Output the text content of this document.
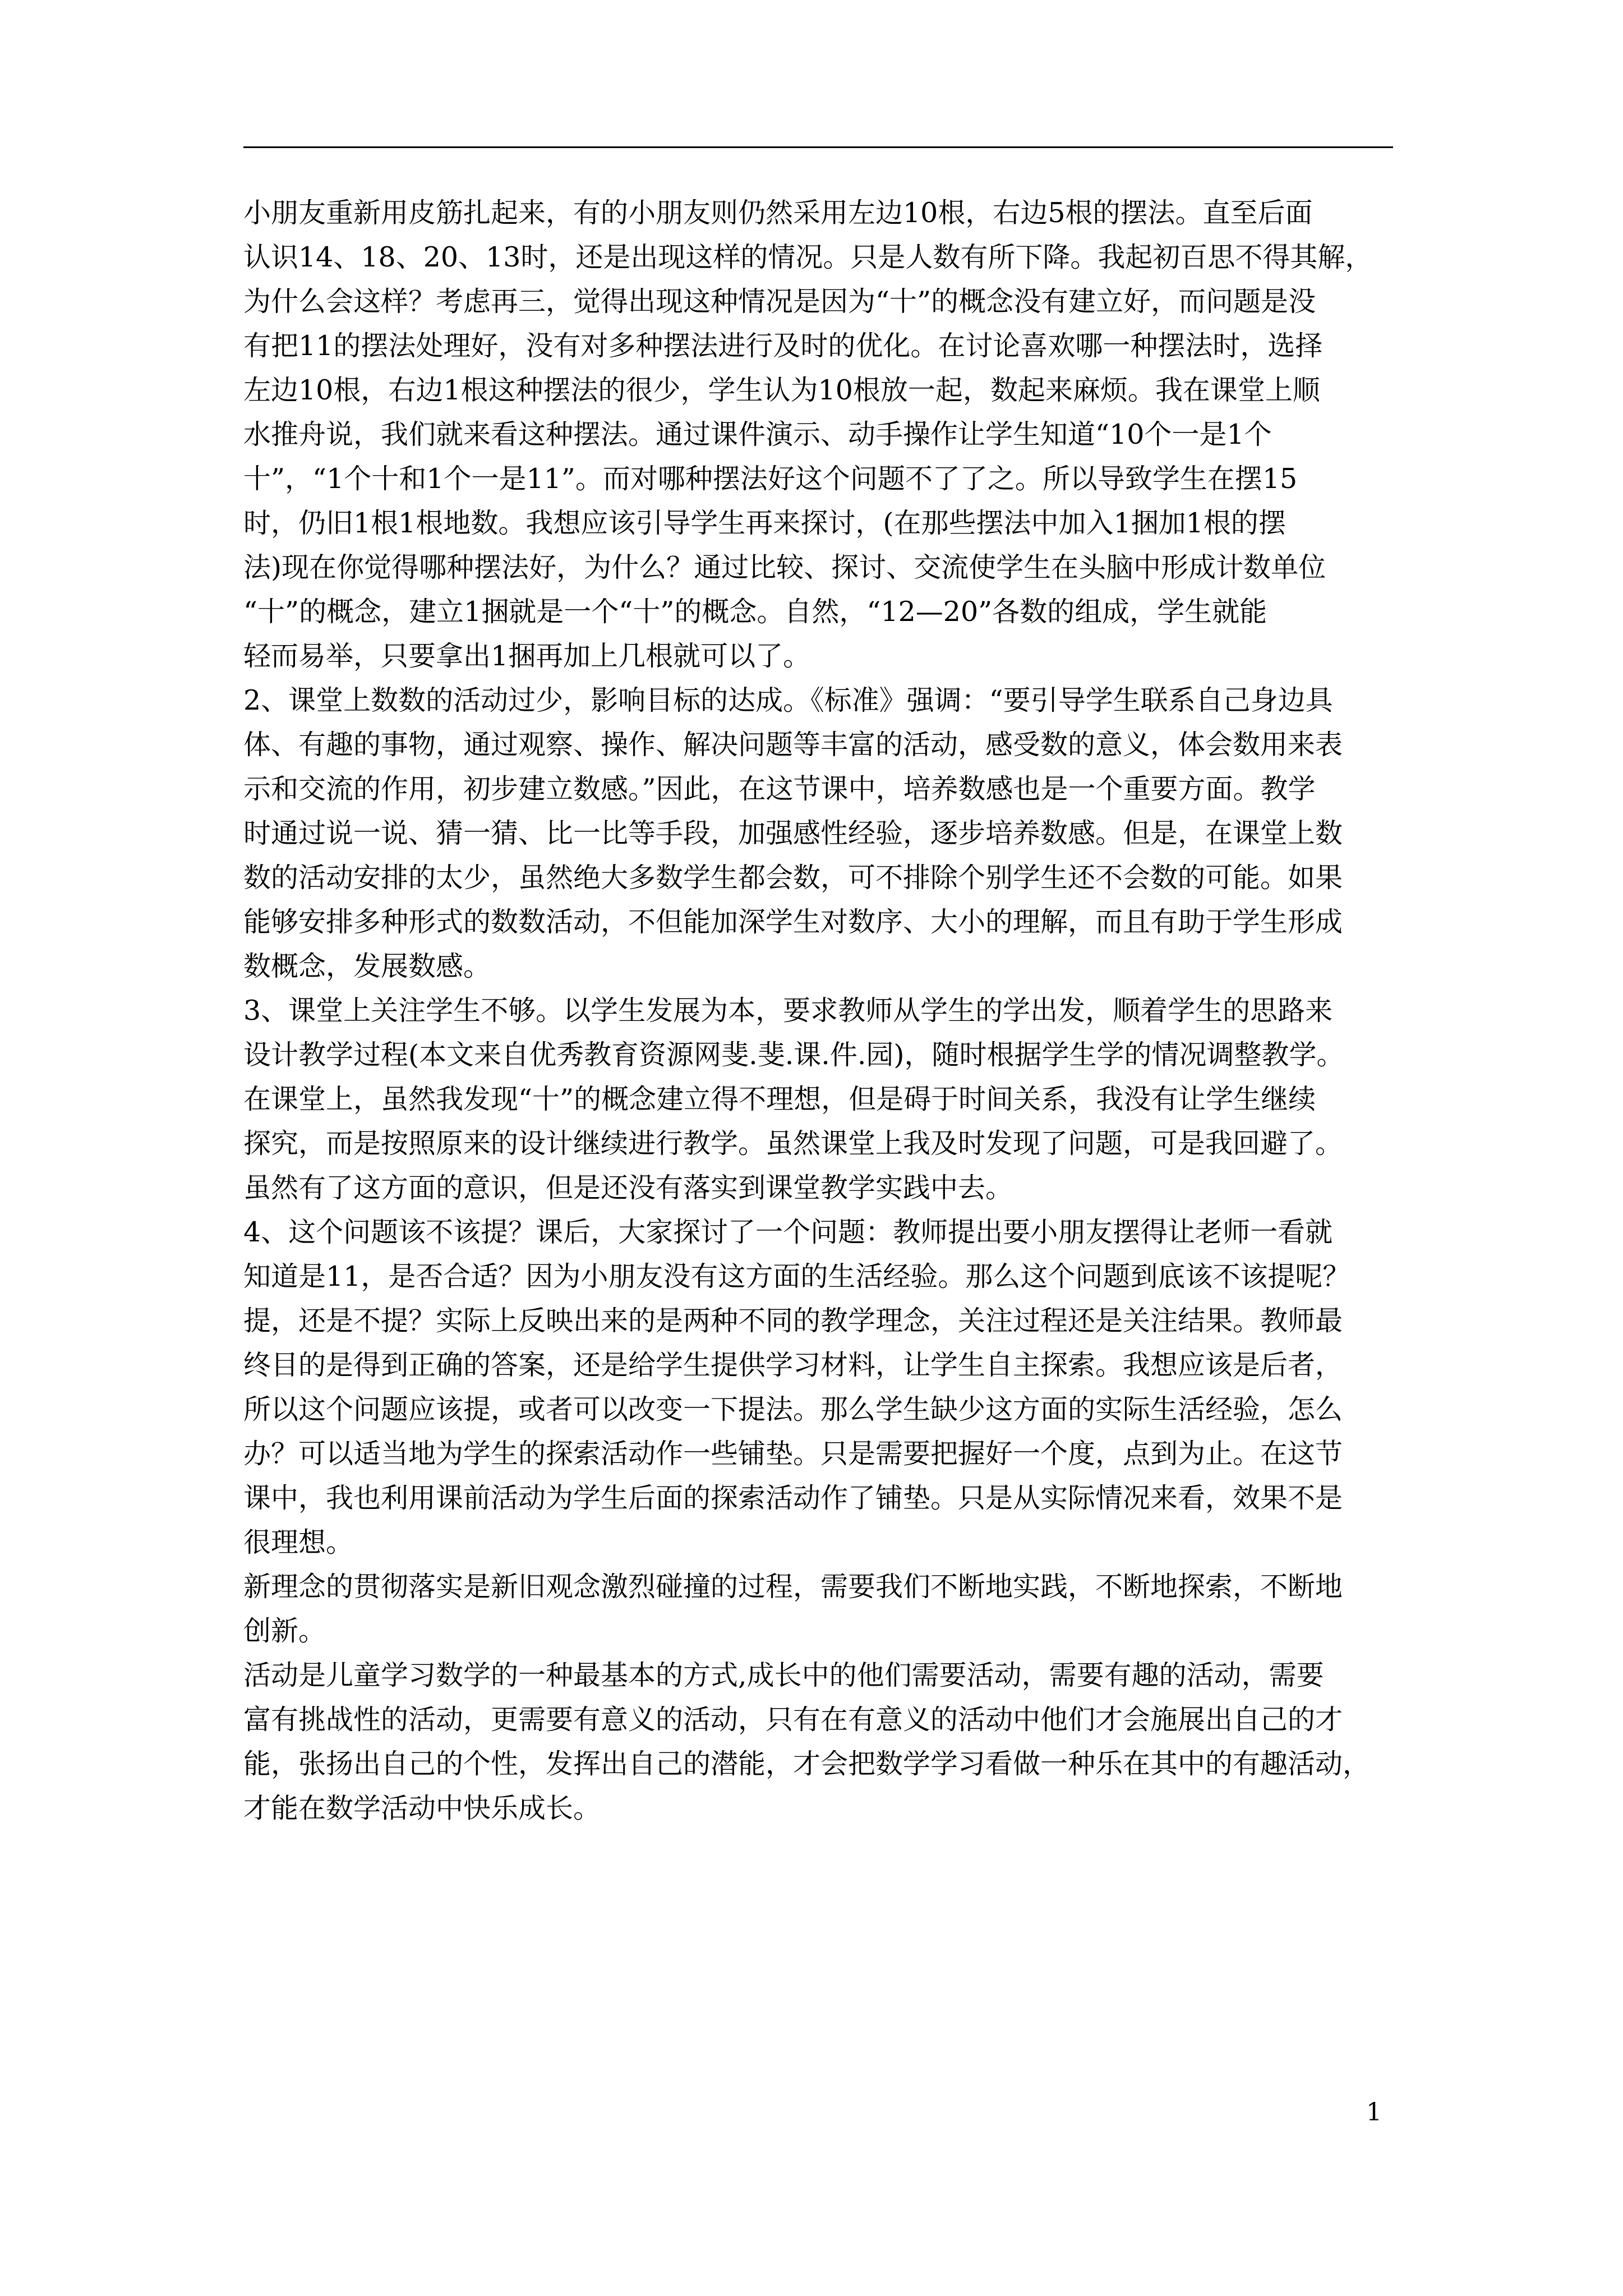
小朋友重新用皮筋扎起来，有的小朋友则仍然采用左边10根，右边5根的摆法。直至后面
认识14、18、20、13时，还是出现这样的情况。只是人数有所下降。我起初百思不得其解，
为什么会这样？考虑再三，觉得出现这种情况是因为“十”的概念没有建立好，而问题是没
有把11的摆法处理好，没有对多种摆法进行及时的优化。在讨论喜欢哪一种摆法时，选择
左边10根，右边1根这种摆法的很少，学生认为10根放一起，数起来麻烦。我在课堂上顺
水推舟说，我们就来看这种摆法。通过课件演示、动手操作让学生知道“10个一是1个
十”，“1个十和1个一是11”。而对哪种摆法好这个问题不了了之。所以导致学生在摆15
时，仍旧1根1根地数。我想应该引导学生再来探讨，(在那些摆法中加入1捆加1根的摆
法)现在你觉得哪种摆法好，为什么？通过比较、探讨、交流使学生在头脑中形成计数单位
“十”的概念，建立1捆就是一个“十”的概念。自然，“12—20”各数的组成，学生就能
轻而易举，只要拿出1捆再加上几根就可以了。
2、课堂上数数的活动过少，影响目标的达成。《标准》强调：“要引导学生联系自己身边具
体、有趣的事物，通过观察、操作、解决问题等丰富的活动，感受数的意义，体会数用来表
示和交流的作用，初步建立数感。”因此，在这节课中，培养数感也是一个重要方面。教学
时通过说一说、猜一猜、比一比等手段，加强感性经验，逐步培养数感。但是，在课堂上数
数的活动安排的太少，虽然绝大多数学生都会数，可不排除个别学生还不会数的可能。如果
能够安排多种形式的数数活动，不但能加深学生对数序、大小的理解，而且有助于学生形成
数概念，发展数感。
3、课堂上关注学生不够。以学生发展为本，要求教师从学生的学出发，顺着学生的思路来
设计教学过程(本文来自优秀教育资源网斐.斐.课.件.园)，随时根据学生学的情况调整教学。
在课堂上，虽然我发现“十”的概念建立得不理想，但是碍于时间关系，我没有让学生继续
探究，而是按照原来的设计继续进行教学。虽然课堂上我及时发现了问题，可是我回避了。
虽然有了这方面的意识，但是还没有落实到课堂教学实践中去。
4、这个问题该不该提？课后，大家探讨了一个问题：教师提出要小朋友摆得让老师一看就
知道是11，是否合适？因为小朋友没有这方面的生活经验。那么这个问题到底该不该提呢？
提，还是不提？实际上反映出来的是两种不同的教学理念，关注过程还是关注结果。教师最
终目的是得到正确的答案，还是给学生提供学习材料，让学生自主探索。我想应该是后者，
所以这个问题应该提，或者可以改变一下提法。那么学生缺少这方面的实际生活经验，怎么
办？可以适当地为学生的探索活动作一些铺垫。只是需要把握好一个度，点到为止。在这节
课中，我也利用课前活动为学生后面的探索活动作了铺垫。只是从实际情况来看，效果不是
很理想。
新理念的贯彻落实是新旧观念激烈碰撞的过程，需要我们不断地实践，不断地探索，不断地
创新。
活动是儿童学习数学的一种最基本的方式,成长中的他们需要活动，需要有趣的活动，需要
富有挑战性的活动，更需要有意义的活动，只有在有意义的活动中他们才会施展出自己的才
能，张扬出自己的个性，发挥出自己的潜能，才会把数学学习看做一种乐在其中的有趣活动，
才能在数学活动中快乐成长。
1
